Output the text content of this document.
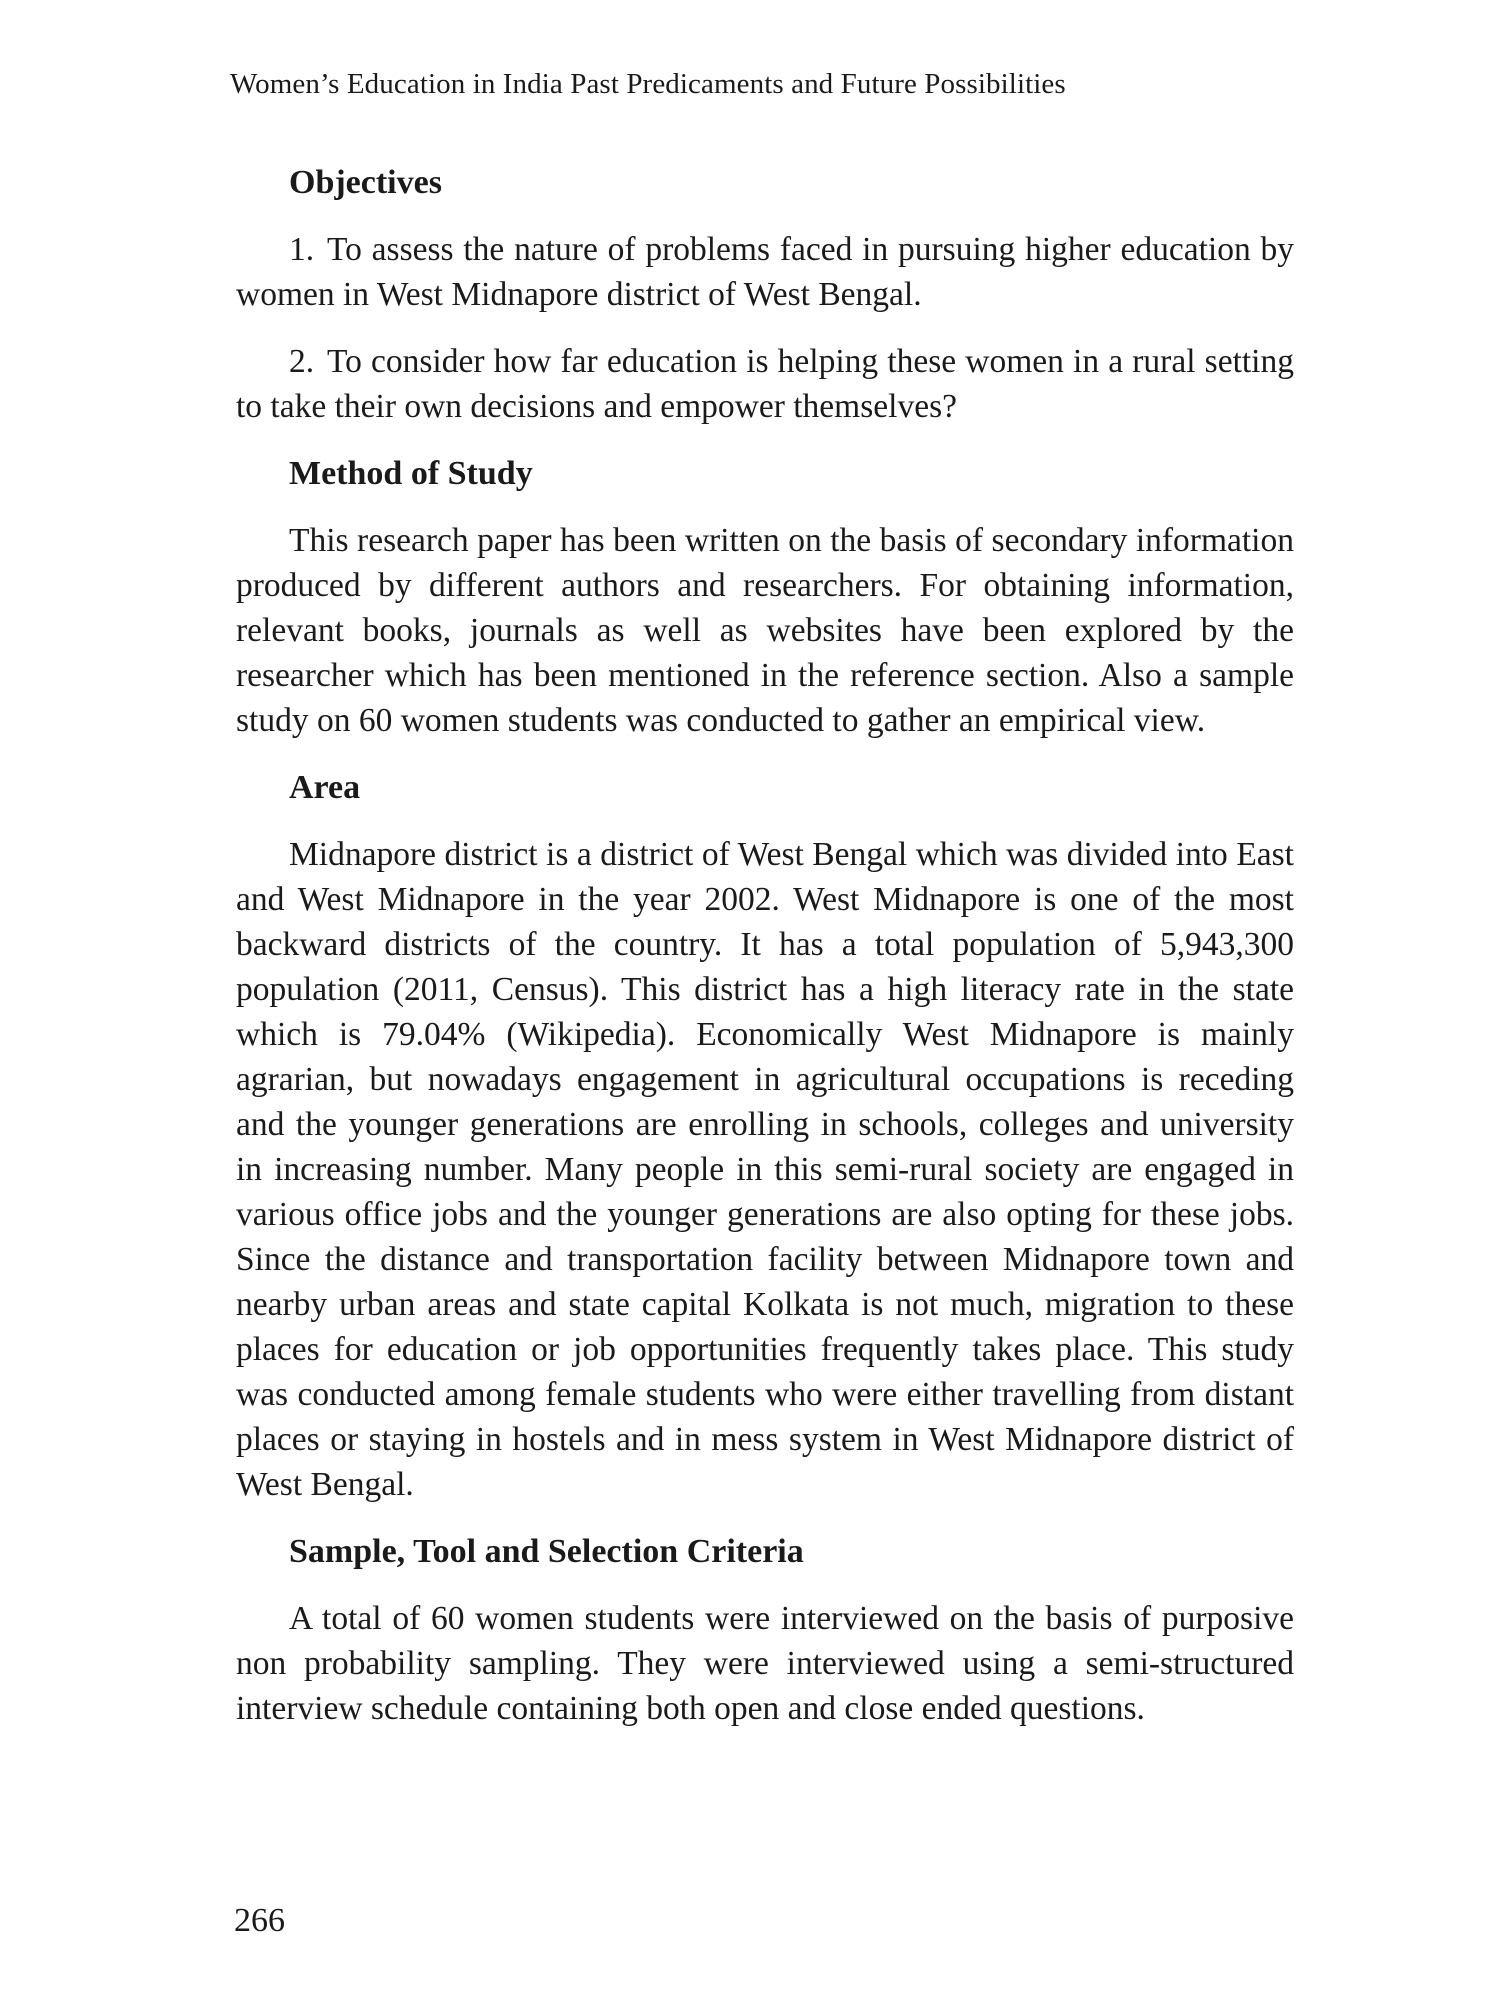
Women’s Education in India Past Predicaments and Future Possibilities
Objectives

1. To assess the nature of problems faced in pursuing higher education by women in West Midnapore district of West Bengal.

2. To consider how far education is helping these women in a rural setting to take their own decisions and empower themselves?

Method of Study

This research paper has been written on the basis of secondary information produced by different authors and researchers. For obtaining information, relevant books, journals as well as websites have been explored by the researcher which has been mentioned in the reference section. Also a sample study on 60 women students was conducted to gather an empirical view.

Area

Midnapore district is a district of West Bengal which was divided into East and West Midnapore in the year 2002. West Midnapore is one of the most backward districts of the country. It has a total population of 5,943,300 population (2011, Census). This district has a high literacy rate in the state which is 79.04% (Wikipedia). Economically West Midnapore is mainly agrarian, but nowadays engagement in agricultural occupations is receding and the younger generations are enrolling in schools, colleges and university in increasing number. Many people in this semi-rural society are engaged in various office jobs and the younger generations are also opting for these jobs. Since the distance and transportation facility between Midnapore town and nearby urban areas and state capital Kolkata is not much, migration to these places for education or job opportunities frequently takes place. This study was conducted among female students who were either travelling from distant places or staying in hostels and in mess system in West Midnapore district of West Bengal.

Sample, Tool and Selection Criteria

A total of 60 women students were interviewed on the basis of purposive non probability sampling. They were interviewed using a semi-structured interview schedule containing both open and close ended questions.

266
